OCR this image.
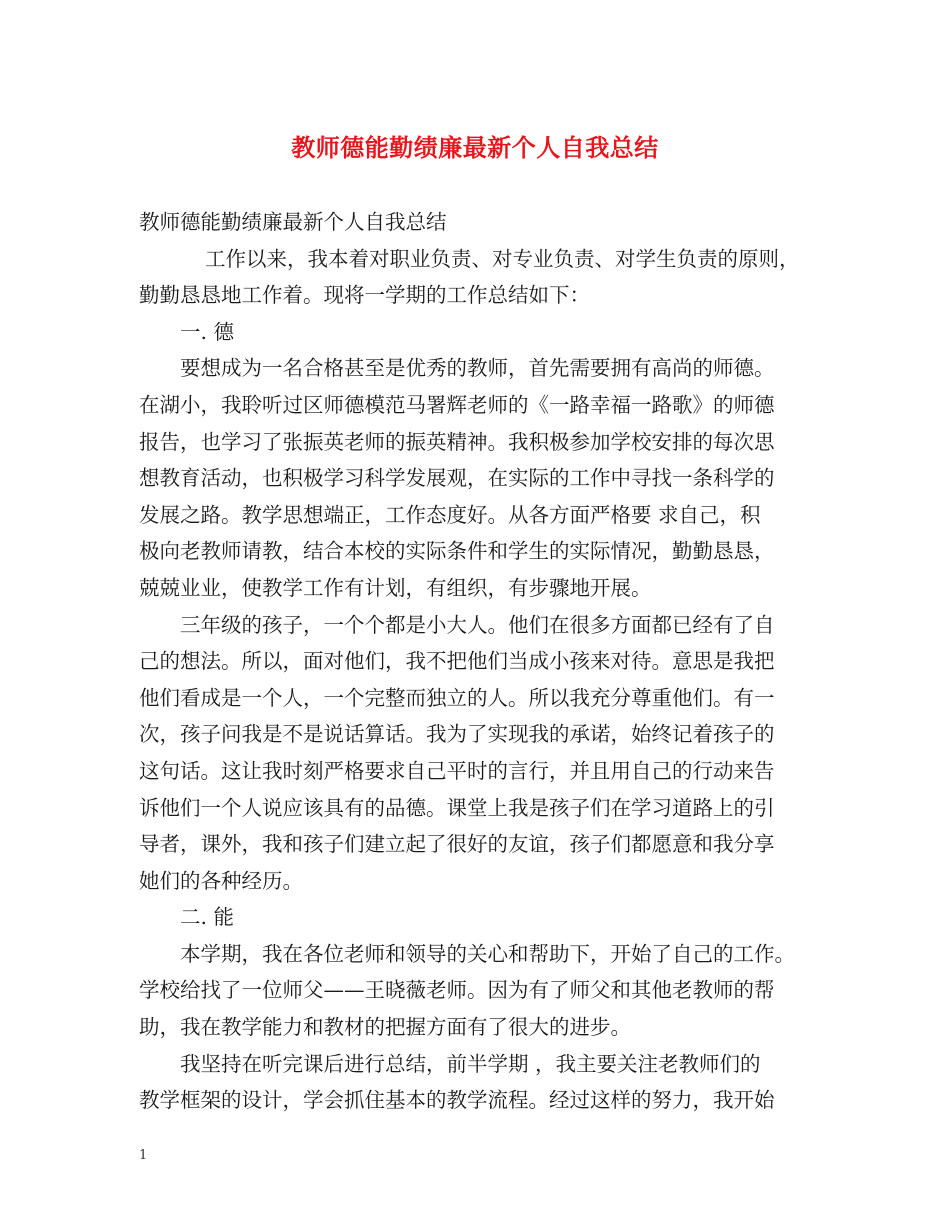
教师德能勤绩廉最新个人自我总结

教师德能勤绩廉最新个人自我总结

工作以来，我本着对职业负责、对专业负责、对学生负责的原则，

勤勤恳恳地工作着。现将一学期的工作总结如下：

一. 德

要想成为一名合格甚至是优秀的教师，首先需要拥有高尚的师德。

在湖小，我聆听过区师德模范马署辉老师的《一路幸福一路歌》的师德

报告，也学习了张振英老师的振英精神。我积极参加学校安排的每次思

想教育活动，也积极学习科学发展观，在实际的工作中寻找一条科学的

发展之路。教学思想端正，工作态度好。从各方面严格要 求自己，积

极向老教师请教，结合本校的实际条件和学生的实际情况，勤勤恳恳，

兢兢业业，使教学工作有计划，有组织，有步骤地开展。

三年级的孩子，一个个都是小大人。他们在很多方面都已经有了自

己的想法。所以，面对他们，我不把他们当成小孩来对待。意思是我把

他们看成是一个人，一个完整而独立的人。所以我充分尊重他们。有一

次，孩子问我是不是说话算话。我为了实现我的承诺，始终记着孩子的

这句话。这让我时刻严格要求自己平时的言行，并且用自己的行动来告

诉他们一个人说应该具有的品德。课堂上我是孩子们在学习道路上的引

导者，课外，我和孩子们建立起了很好的友谊，孩子们都愿意和我分享

她们的各种经历。

二. 能

本学期，我在各位老师和领导的关心和帮助下，开始了自己的工作。

学校给找了一位师父——王晓薇老师。因为有了师父和其他老教师的帮

助，我在教学能力和教材的把握方面有了很大的进步。

我坚持在听完课后进行总结，前半学期 ，我主要关注老教师们的

教学框架的设计，学会抓住基本的教学流程。经过这样的努力，我开始

1
